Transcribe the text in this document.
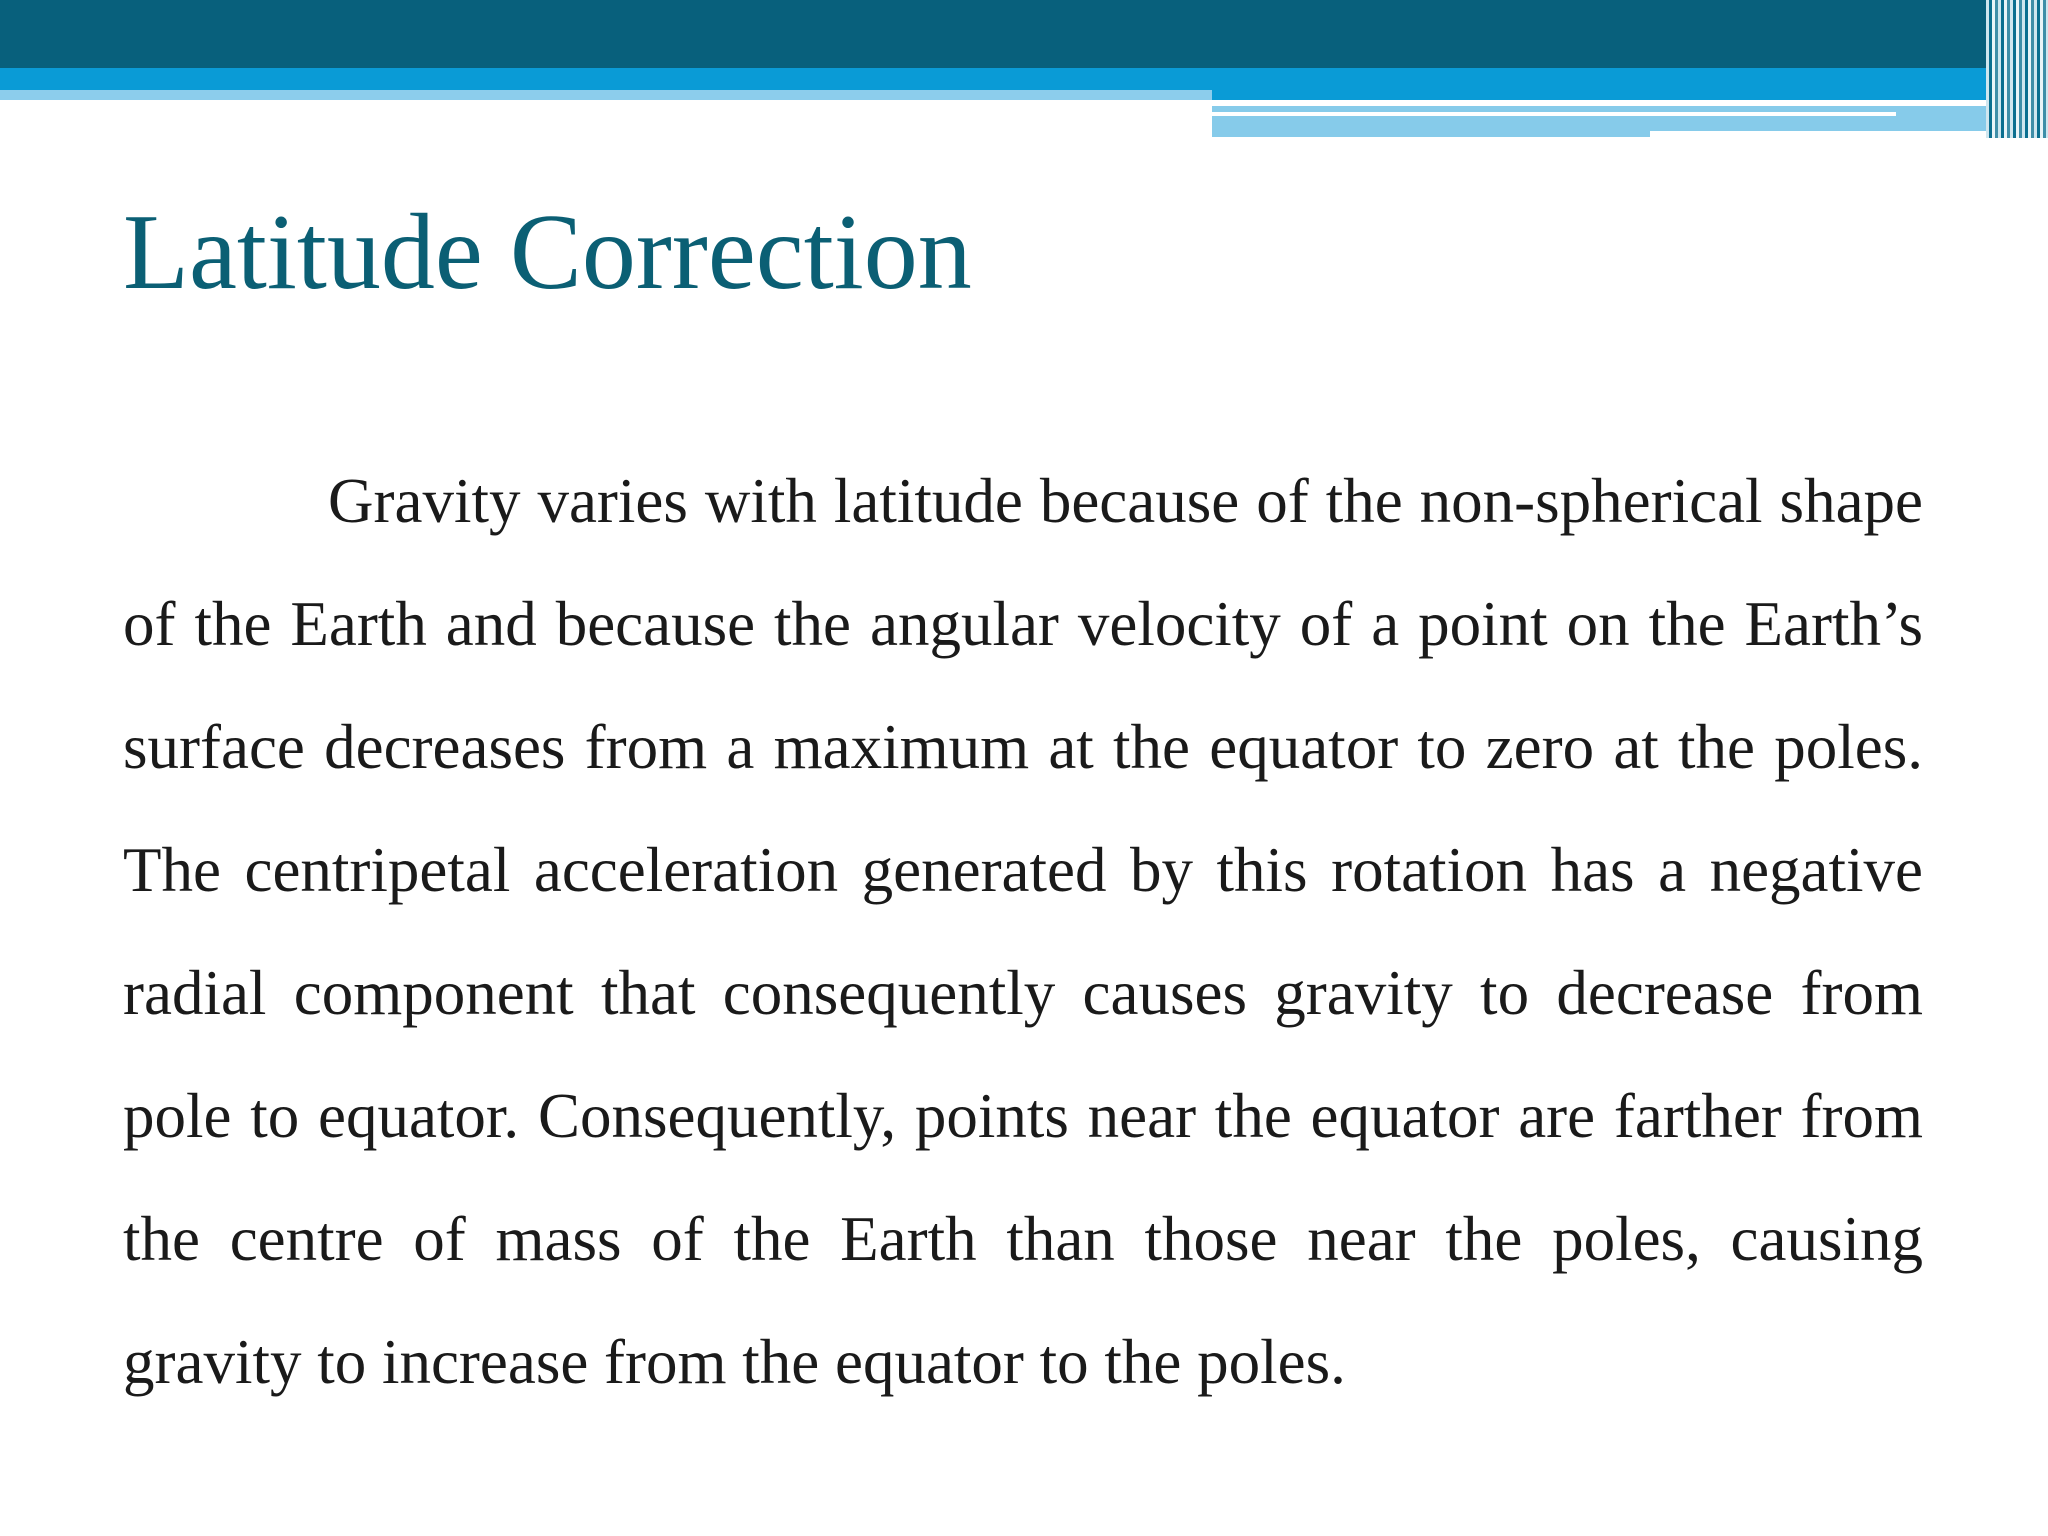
Latitude Correction

Gravity varies with latitude because of the non-spherical shape of the Earth and because the angular velocity of a point on the Earth’s surface decreases from a maximum at the equator to zero at the poles. The centripetal acceleration generated by this rotation has a negative radial component that consequently causes gravity to decrease from pole to equator. Consequently, points near the equator are farther from the centre of mass of the Earth than those near the poles, causing gravity to increase from the equator to the poles.
